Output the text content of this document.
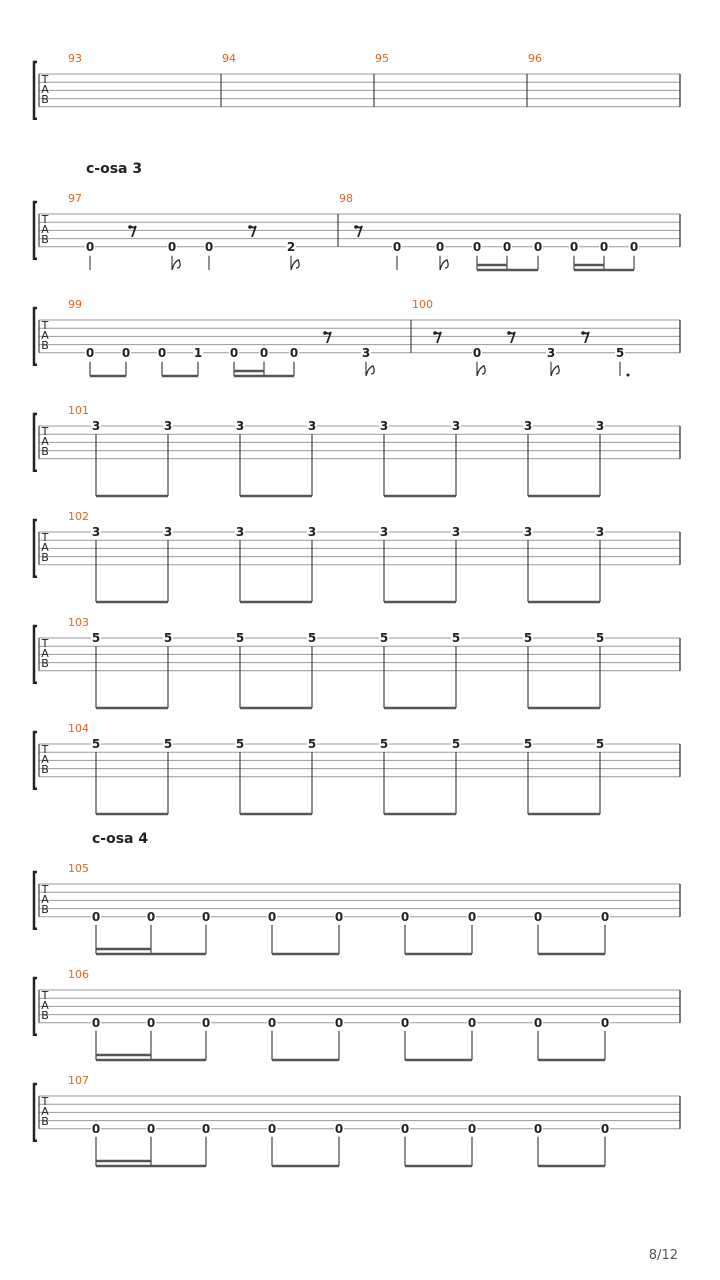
T
A
B
93	94	95	96
c-osa 3
T
A
B
97
0	0 0	2
98
0	0 0 0 0 0 0 0
T
A
B
99
0 0 0 1 0 0 0	3
100
0	3	5
T
A
B
101
3	3	3	3	3	3	3	3
T
A
B
102
3	3	3	3	3	3	3	3
T
A
B
103
5	5	5	5	5	5	5	5
T
A
B
104
5	5	5	5	5	5	5	5
c-osa 4
T
A
B
105
0	0	0	0	0	0	0	0	0
T
A
B
106
0	0	0	0	0	0	0	0	0
T
A
B
107
0	0	0	0	0	0	0	0	0
8/12
